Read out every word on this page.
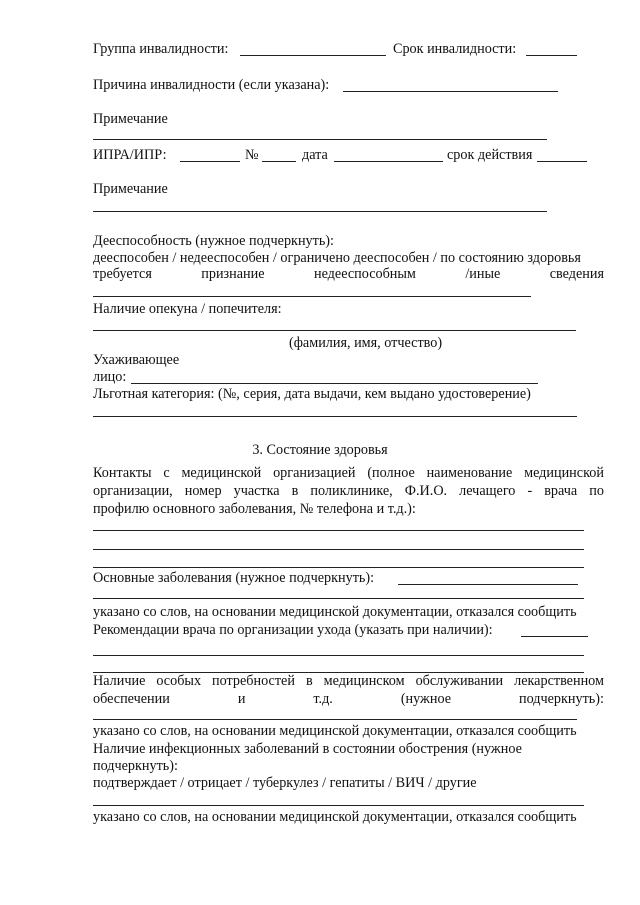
Группа инвалидности:	Срок инвалидности:
Причина инвалидности (если указана):
Примечание
ИПРА/ИПР:	№	дата	срок действия
Примечание
Дееспособность (нужное подчеркнуть):
дееспособен / недееспособен / ограничено дееспособен / по состоянию здоровья
требуется	признание	недееспособным	/иные	сведения
Наличие опекуна / попечителя:
(фамилия, имя, отчество)
Ухаживающее
лицо:
Льготная категория: (№, серия, дата выдачи, кем выдано удостоверение)
3. Состояние здоровья
Контакты с медицинской организацией (полное наименование медицинской
организации, номер участка в поликлинике, Ф.И.О. лечащего - врача по
профилю основного заболевания, № телефона и т.д.):
Основные заболевания (нужное подчеркнуть):
указано со слов, на основании медицинской документации, отказался сообщить
Рекомендации врача по организации ухода (указать при наличии):
Наличие особых потребностей в медицинском обслуживании лекарственном
обеспечении	и	т.д.	(нужное	подчеркнуть):
указано со слов, на основании медицинской документации, отказался сообщить
Наличие инфекционных заболеваний в состоянии обострения (нужное
подчеркнуть):
подтверждает / отрицает / туберкулез / гепатиты / ВИЧ / другие
указано со слов, на основании медицинской документации, отказался сообщить
